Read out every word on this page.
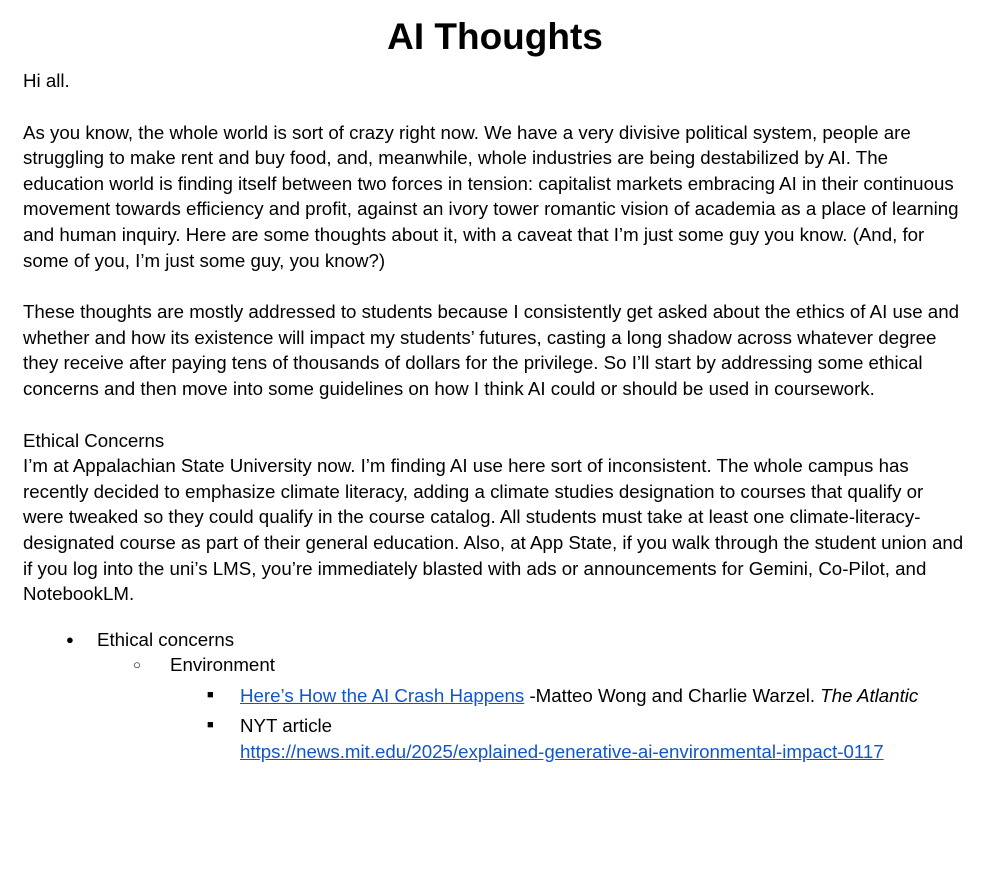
AI Thoughts

Hi all.

As you know, the whole world is sort of crazy right now. We have a very divisive political system, people are struggling to make rent and buy food, and, meanwhile, whole industries are being destabilized by AI. The education world is finding itself between two forces in tension: capitalist markets embracing AI in their continuous movement towards efficiency and profit, against an ivory tower romantic vision of academia as a place of learning and human inquiry. Here are some thoughts about it, with a caveat that I’m just some guy you know. (And, for some of you, I’m just some guy, you know?)

These thoughts are mostly addressed to students because I consistently get asked about the ethics of AI use and whether and how its existence will impact my students’ futures, casting a long shadow across whatever degree they receive after paying tens of thousands of dollars for the privilege. So I’ll start by addressing some ethical concerns and then move into some guidelines on how I think AI could or should be used in coursework.

Ethical Concerns

I’m at Appalachian State University now. I’m finding AI use here sort of inconsistent. The whole campus has recently decided to emphasize climate literacy, adding a climate studies designation to courses that qualify or were tweaked so they could qualify in the course catalog. All students must take at least one climate-literacy-designated course as part of their general education. Also, at App State, if you walk through the student union and if you log into the uni’s LMS, you’re immediately blasted with ads or announcements for Gemini, Co-Pilot, and NotebookLM.

●	Ethical concerns
○	Environment
■	Here’s How the AI Crash Happens -Matteo Wong and Charlie Warzel. The Atlantic
■	NYT article
https://news.mit.edu/2025/explained-generative-ai-environmental-impact-0117
